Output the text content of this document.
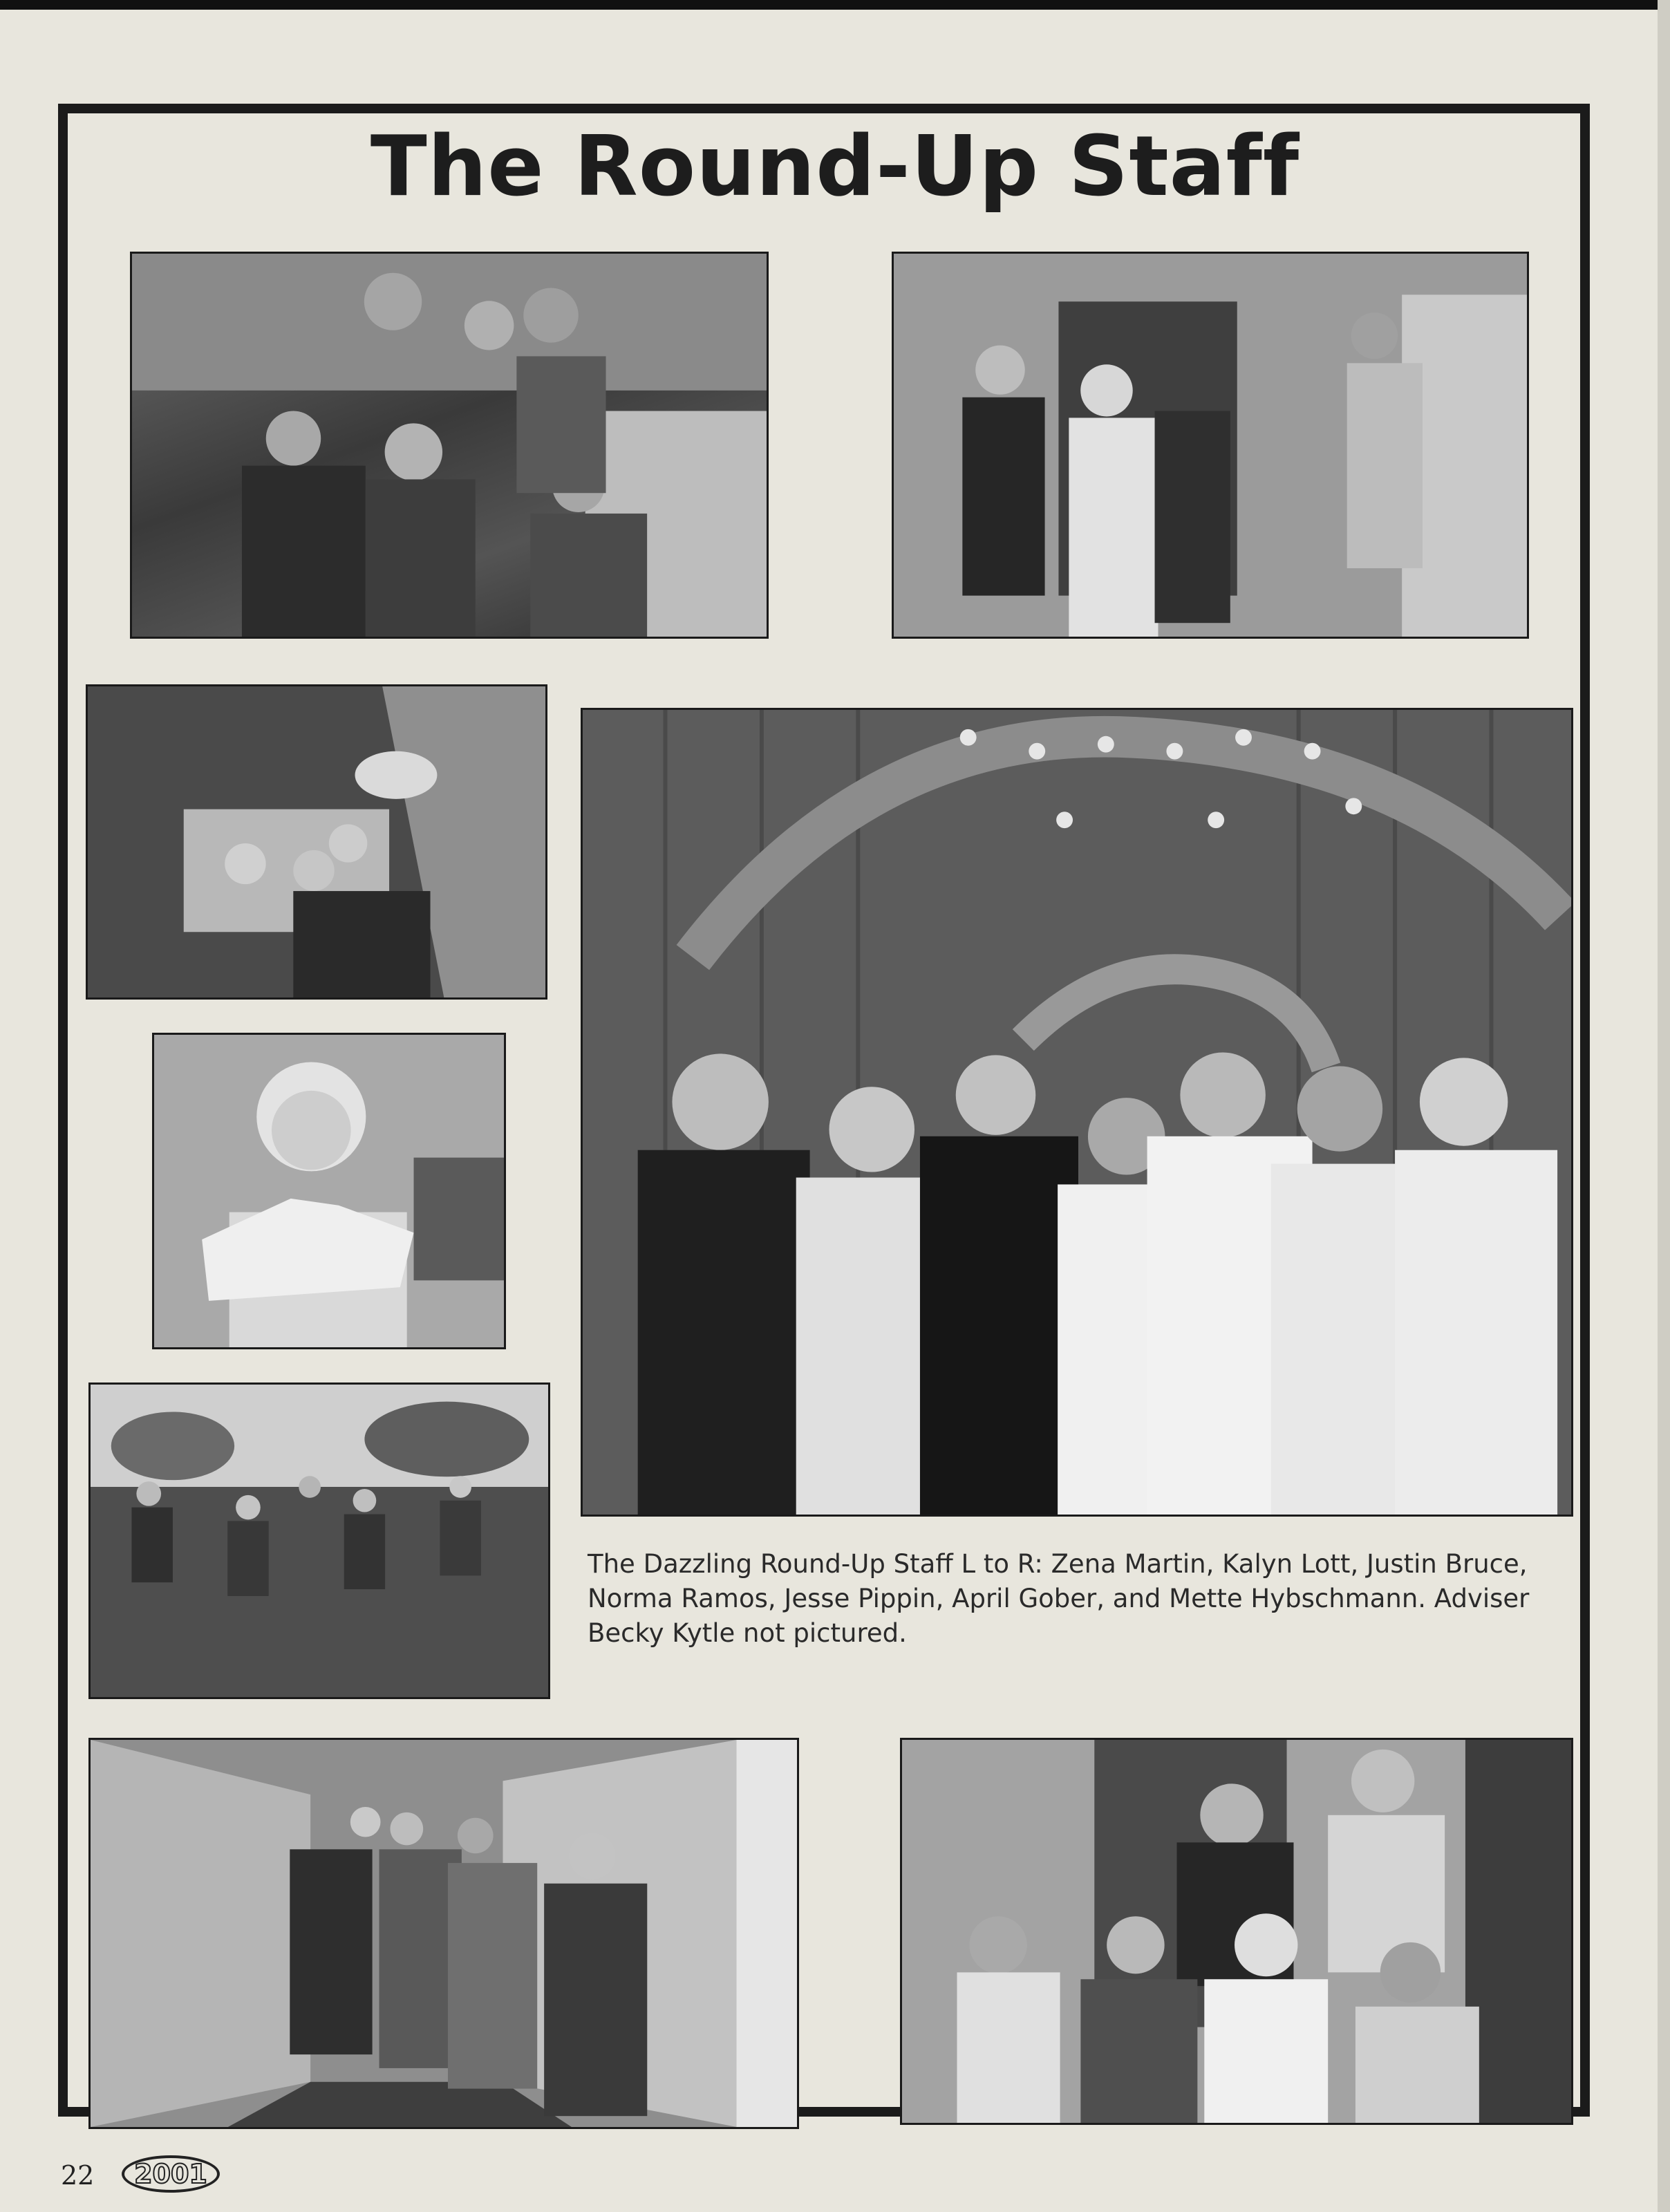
The Round-Up Staff
The Dazzling Round-Up Staff L to R: Zena Martin, Kalyn Lott, Justin Bruce, Norma Ramos, Jesse Pippin, April Gober, and Mette Hybschmann. Adviser Becky Kytle not pictured.
22	2001
